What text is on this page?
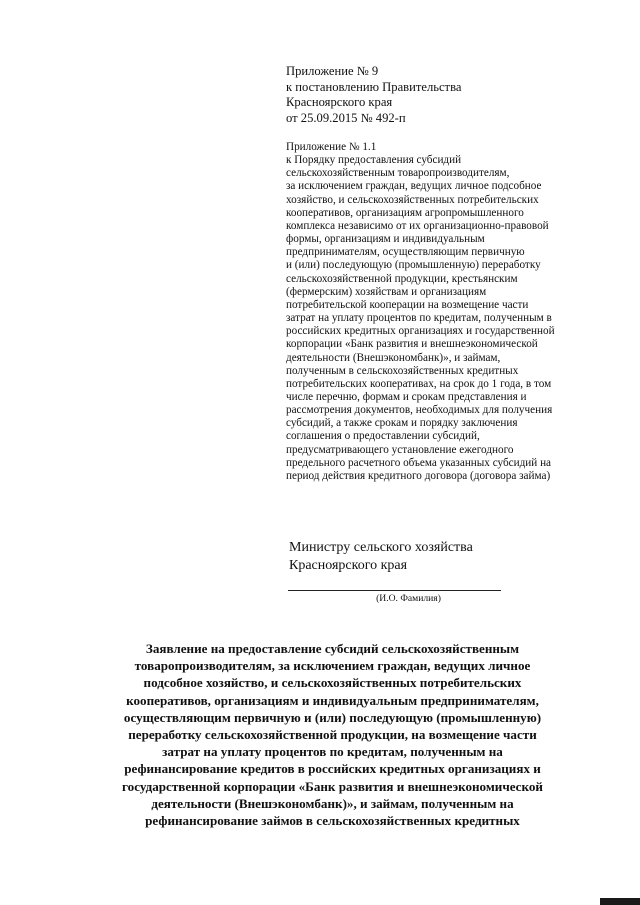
Приложение № 9
к постановлению Правительства
Красноярского края
от 25.09.2015 № 492-п
Приложение № 1.1
к Порядку предоставления субсидий
сельскохозяйственным товаропроизводителям,
за исключением граждан, ведущих личное подсобное
хозяйство, и сельскохозяйственных потребительских
кооперативов, организациям агропромышленного
комплекса независимо от их организационно-правовой
формы, организациям и индивидуальным
предпринимателям, осуществляющим первичную
и (или) последующую (промышленную) переработку
сельскохозяйственной продукции, крестьянским
(фермерским) хозяйствам и организациям
потребительской кооперации на возмещение части
затрат на уплату процентов по кредитам, полученным в
российских кредитных организациях и государственной
корпорации «Банк развития и внешнеэкономической
деятельности (Внешэкономбанк)», и займам,
полученным в сельскохозяйственных кредитных
потребительских кооперативах, на срок до 1 года, в том
числе перечню, формам и срокам представления и
рассмотрения документов, необходимых для получения
субсидий, а также срокам и порядку заключения
соглашения о предоставлении субсидий,
предусматривающего установление ежегодного
предельного расчетного объема указанных субсидий на
период действия кредитного договора (договора займа)
Министру сельского хозяйства
Красноярского края
(И.О. Фамилия)
Заявление на предоставление субсидий сельскохозяйственным
товаропроизводителям, за исключением граждан, ведущих личное
подсобное хозяйство, и сельскохозяйственных потребительских
кооперативов, организациям и индивидуальным предпринимателям,
осуществляющим первичную и (или) последующую (промышленную)
переработку сельскохозяйственной продукции, на возмещение части
затрат на уплату процентов по кредитам, полученным на
рефинансирование кредитов в российских кредитных организациях и
государственной корпорации «Банк развития и внешнеэкономической
деятельности (Внешэкономбанк)», и займам, полученным на
рефинансирование займов в сельскохозяйственных кредитных
